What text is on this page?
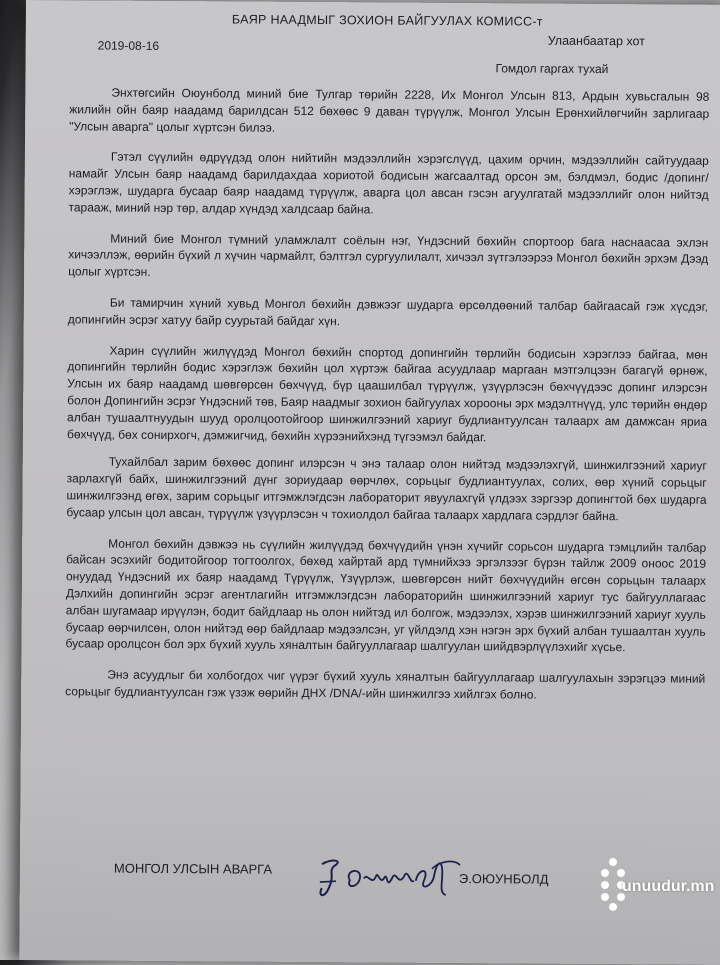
БАЯР НААДМЫГ ЗОХИОН БАЙГУУЛАХ КОМИСС-т
2019-08-16	Улаанбаатар хот
Гомдол гаргах тухай

Энхтөгсийн Оюунболд миний бие Тулгар төрийн 2228, Их Монгол Улсын 813, Ардын хувьсгалын 98 жилийн ойн баяр наадамд барилдсан 512 бөхөөс 9 даван түрүүлж, Монгол Улсын Ерөнхийлөгчийн зарлигаар "Улсын аварга" цолыг хүртсэн билээ.

Гэтэл сүүлийн өдрүүдэд олон нийтийн мэдээллийн хэрэгслүүд, цахим орчин, мэдээллийн сайтуудаар намайг Улсын баяр наадамд барилдахдаа хориотой бодисын жагсаалтад орсон эм, бэлдмэл, бодис /допинг/ хэрэглэж, шударга бусаар баяр наадамд түрүүлж, аварга цол авсан гэсэн агуулгатай мэдээллийг олон нийтэд тарааж, миний нэр төр, алдар хүндэд халдсаар байна.

Миний бие Монгол түмний уламжлалт соёлын нэг, Үндэсний бөхийн спортоор бага наснаасаа эхлэн хичээллэж, өөрийн бүхий л хүчин чармайлт, бэлтгэл сургуулилалт, хичээл зүтгэлээрээ Монгол бөхийн эрхэм Дээд цолыг хүртсэн.

Би тамирчин хүний хувьд Монгол бөхийн дэвжээг шударга өрсөлдөөний талбар байгаасай гэж хүсдэг, допингийн эсрэг хатуу байр суурьтай байдаг хүн.

Харин сүүлийн жилүүдэд Монгол бөхийн спортод допингийн төрлийн бодисын хэрэглээ байгаа, мөн допингийн төрлийн бодис хэрэглэж бөхийн цол хүртэж байгаа асуудлаар маргаан мэтгэлцээн багагүй өрнөж, Улсын их баяр наадамд шөвгөрсөн бөхчүүд, бүр цаашилбал түрүүлж, үзүүрлэсэн бөхчүүдээс допинг илэрсэн болон Допингийн эсрэг Үндэсний төв, Баяр наадмыг зохион байгуулах хорооны эрх мэдэлтнүүд, улс төрийн өндөр албан тушаалтнуудын шууд оролцоотойгоор шинжилгээний хариуг будлиантуулсан талаарх ам дамжсан яриа бөхчүүд, бөх сонирхогч, дэмжигчид, бөхийн хүрээнийхэнд түгээмэл байдаг.

Тухайлбал зарим бөхөөс допинг илэрсэн ч энэ талаар олон нийтэд мэдээлэхгүй, шинжилгээний хариуг зарлахгүй байх, шинжилгээний дүнг зориудаар өөрчлөх, сорьцыг будлиантуулах, солих, өөр хүний сорьцыг шинжилгээнд өгөх, зарим сорьцыг итгэмжлэгдсэн лабораторит явуулахгүй үлдээх зэргээр допингтой бөх шударга бусаар улсын цол авсан, түрүүлж үзүүрлэсэн ч тохиолдол байгаа талаарх хардлага сэрдлэг байна.

Монгол бөхийн дэвжээ нь сүүлийн жилүүдэд бөхчүүдийн үнэн хүчийг сорьсон шударга тэмцлийн талбар байсан эсэхийг бодитойгоор тогтоолгох, бөхөд хайртай ард түмнийхээ эргэлзээг бүрэн тайлж 2009 оноос 2019 онуудад Үндэсний их баяр наадамд Түрүүлж, Үзүүрлэж, шөвгөрсөн нийт бөхчүүдийн өгсөн сорьцын талаарх Дэлхийн допингийн эсрэг агентлагийн итгэмжлэгдсэн лабораторийн шинжилгээний хариуг тус байгууллагаас албан шугамаар ирүүлэн, бодит байдлаар нь олон нийтэд ил болгож, мэдээлэх, хэрэв шинжилгээний хариуг хууль бусаар өөрчилсөн, олон нийтэд өөр байдлаар мэдээлсэн, уг үйлдэлд хэн нэгэн эрх бүхий албан тушаалтан хууль бусаар оролцсон бол эрх бүхий хууль хяналтын байгууллагаар шалгуулан шийдвэрлүүлэхийг хүсье.

Энэ асуудлыг би холбогдох чиг үүрэг бүхий хууль хяналтын байгууллагаар шалгуулахын зэрэгцээ миний сорьцыг будлиантуулсан гэж үзэж өөрийн ДНХ /DNA/-ийн шинжилгээ хийлгэх болно.

МОНГОЛ УЛСЫН АВАРГА
Э.ОЮУНБОЛД	unuudur.mn
